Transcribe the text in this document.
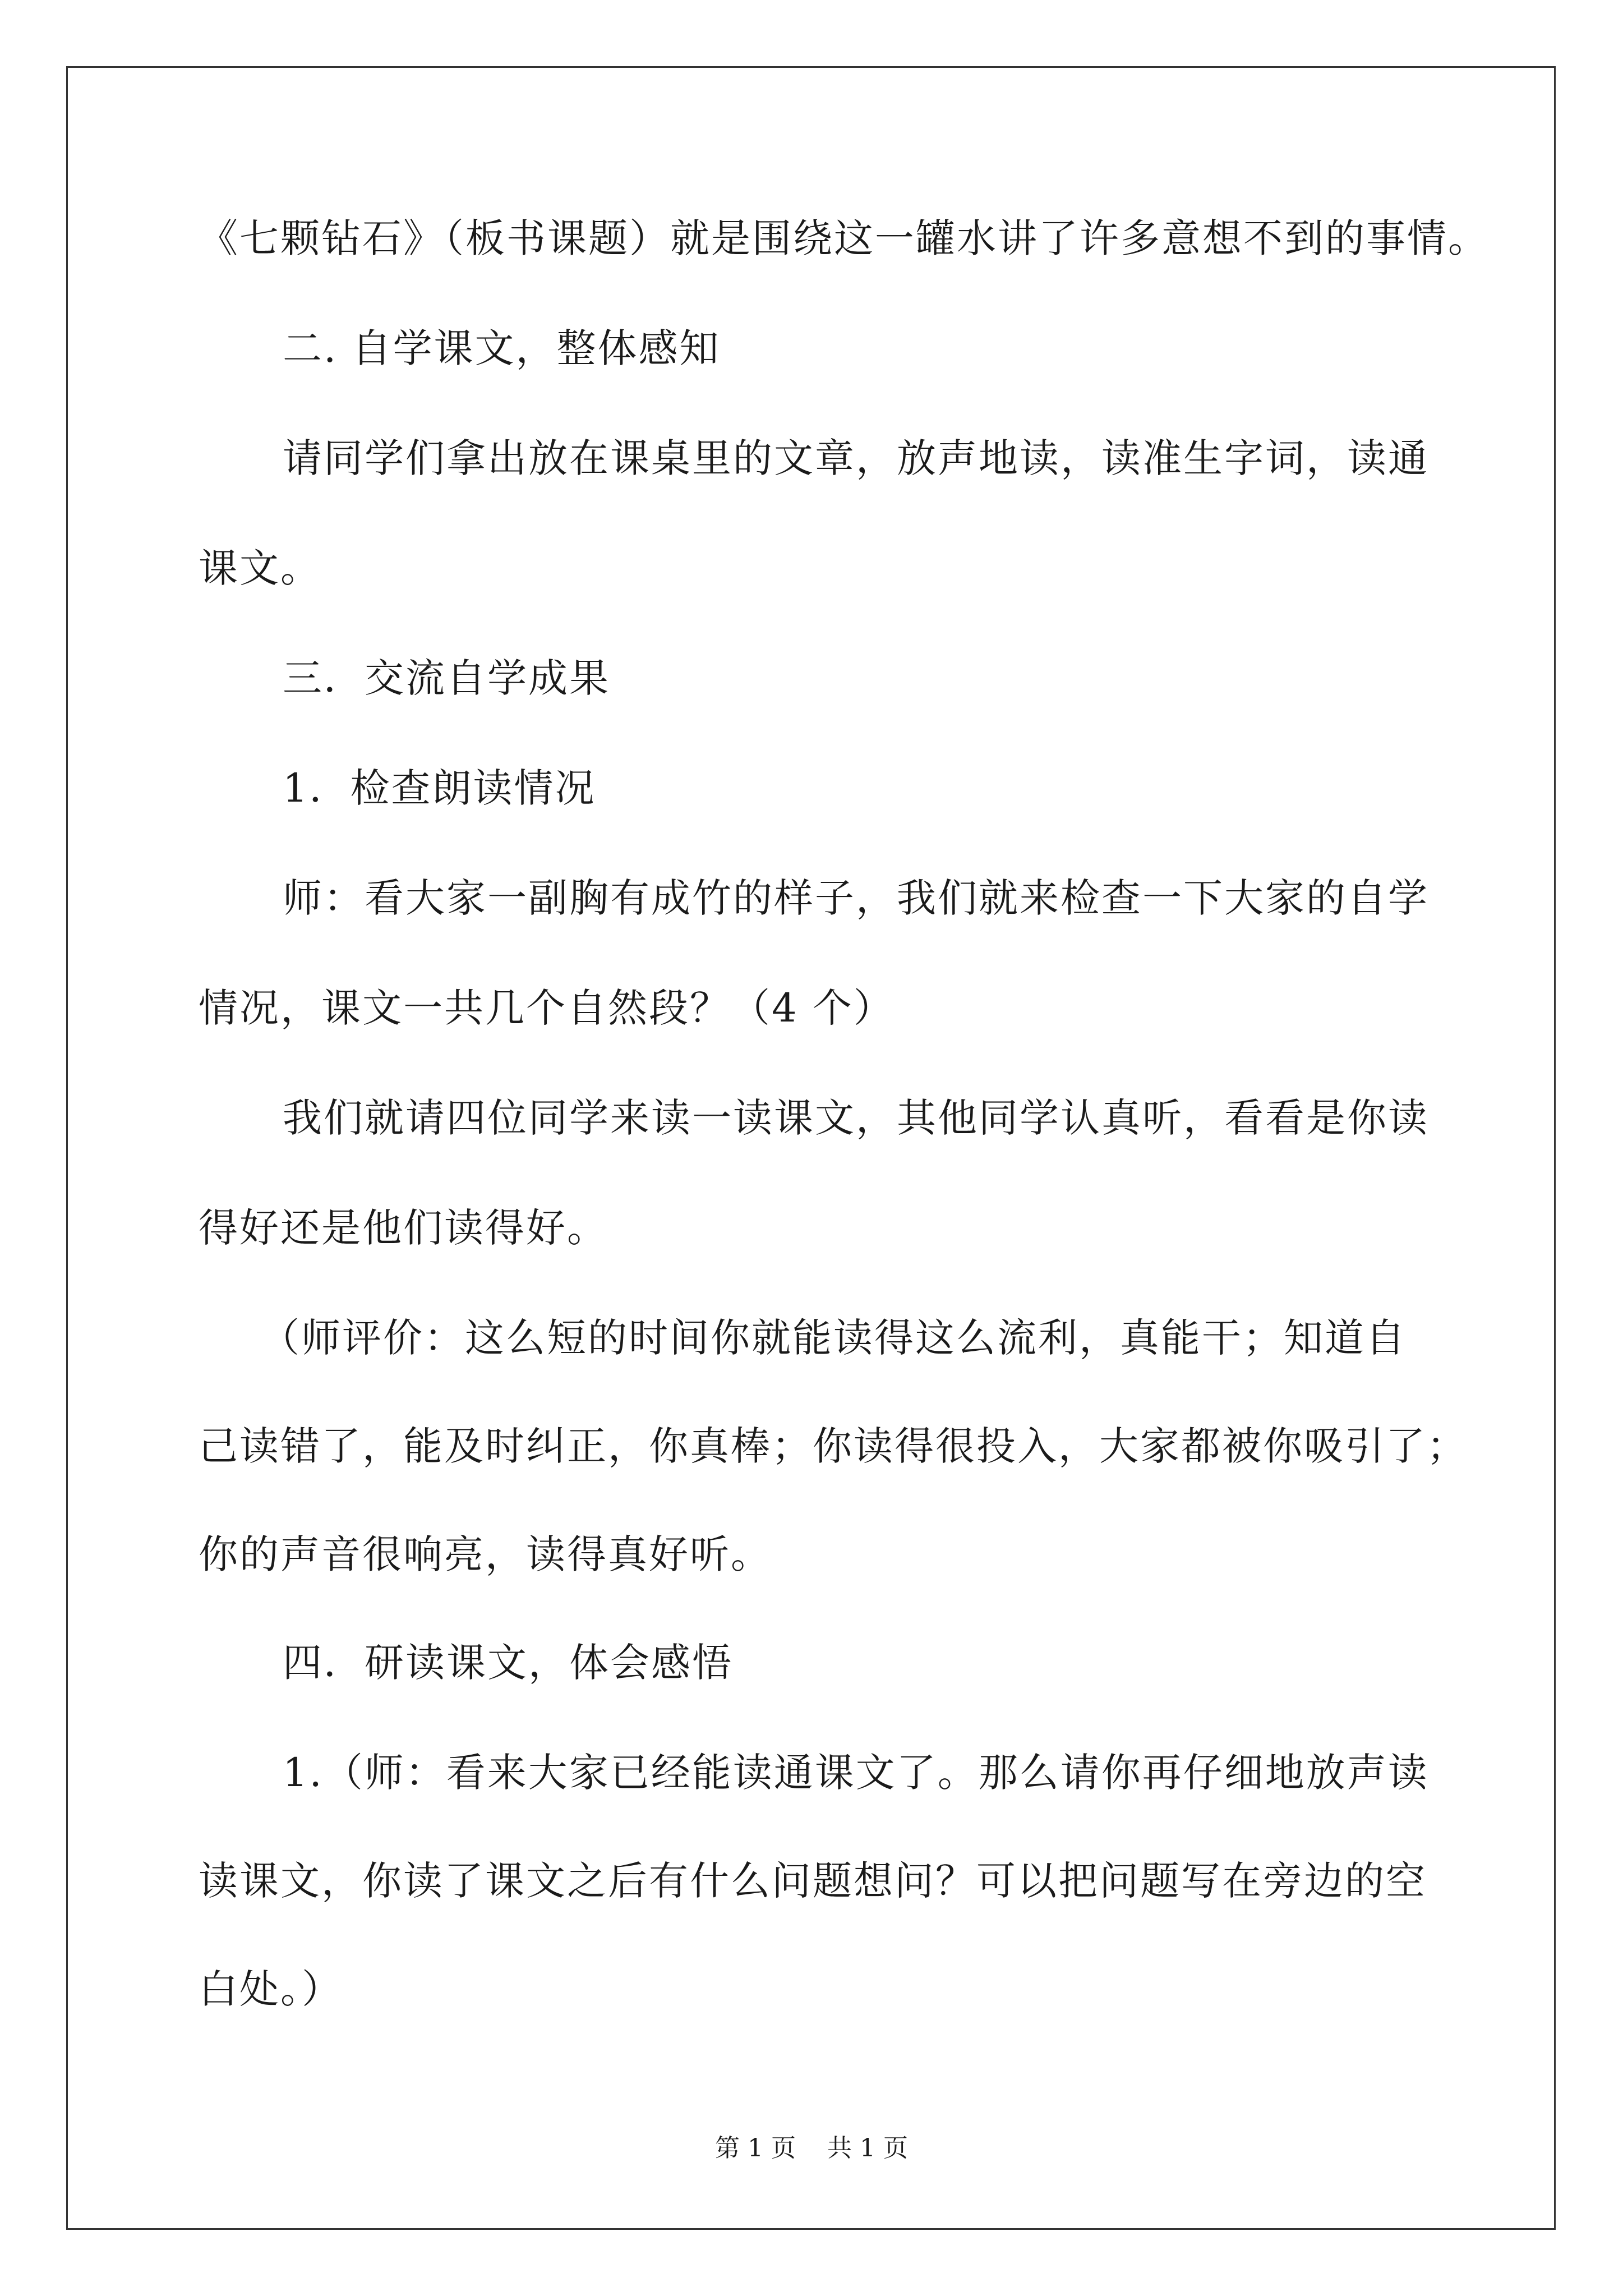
《七颗钻石》（板书课题）就是围绕这一罐水讲了许多意想不到的事情。
二. 自学课文，整体感知
请同学们拿出放在课桌里的文章，放声地读，读准生字词，读通
课文。
三．交流自学成果
1．检查朗读情况
师：看大家一副胸有成竹的样子，我们就来检查一下大家的自学
情况，课文一共几个自然段？（4 个）
我们就请四位同学来读一读课文，其他同学认真听，看看是你读
得好还是他们读得好。
（师评价：这么短的时间你就能读得这么流利，真能干；知道自
己读错了，能及时纠正，你真棒；你读得很投入，大家都被你吸引了；
你的声音很响亮，读得真好听。
四．研读课文，体会感悟
1.（师：看来大家已经能读通课文了。那么请你再仔细地放声读
读课文，你读了课文之后有什么问题想问？可以把问题写在旁边的空
白处。）
第 1 页 共 1 页
